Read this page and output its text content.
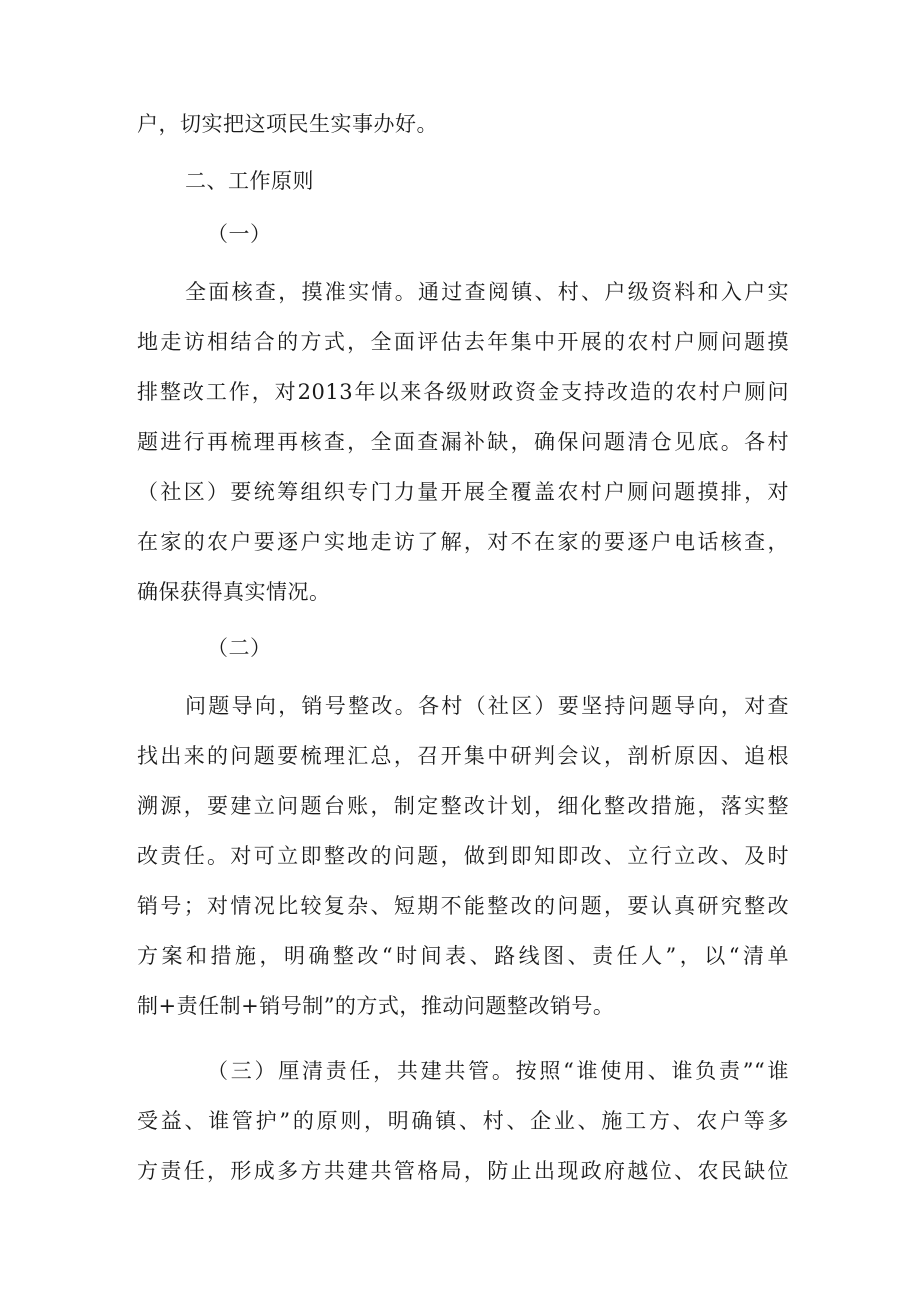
户，切实把这项民生实事办好。
二、工作原则
（一）
全面核查，摸准实情。通过查阅镇、村、户级资料和入户实
地走访相结合的方式，全面评估去年集中开展的农村户厕问题摸
排整改工作，对2013年以来各级财政资金支持改造的农村户厕问
题进行再梳理再核查，全面查漏补缺，确保问题清仓见底。各村
（社区）要统筹组织专门力量开展全覆盖农村户厕问题摸排，对
在家的农户要逐户实地走访了解，对不在家的要逐户电话核查，
确保获得真实情况。
（二）
问题导向，销号整改。各村（社区）要坚持问题导向，对查
找出来的问题要梳理汇总，召开集中研判会议，剖析原因、追根
溯源，要建立问题台账，制定整改计划，细化整改措施，落实整
改责任。对可立即整改的问题，做到即知即改、立行立改、及时
销号；对情况比较复杂、短期不能整改的问题，要认真研究整改
方案和措施，明确整改“时间表、路线图、责任人”，以“清单
制+责任制+销号制”的方式，推动问题整改销号。
（三）厘清责任，共建共管。按照“谁使用、谁负责”“谁
受益、谁管护”的原则，明确镇、村、企业、施工方、农户等多
方责任，形成多方共建共管格局，防止出现政府越位、农民缺位
